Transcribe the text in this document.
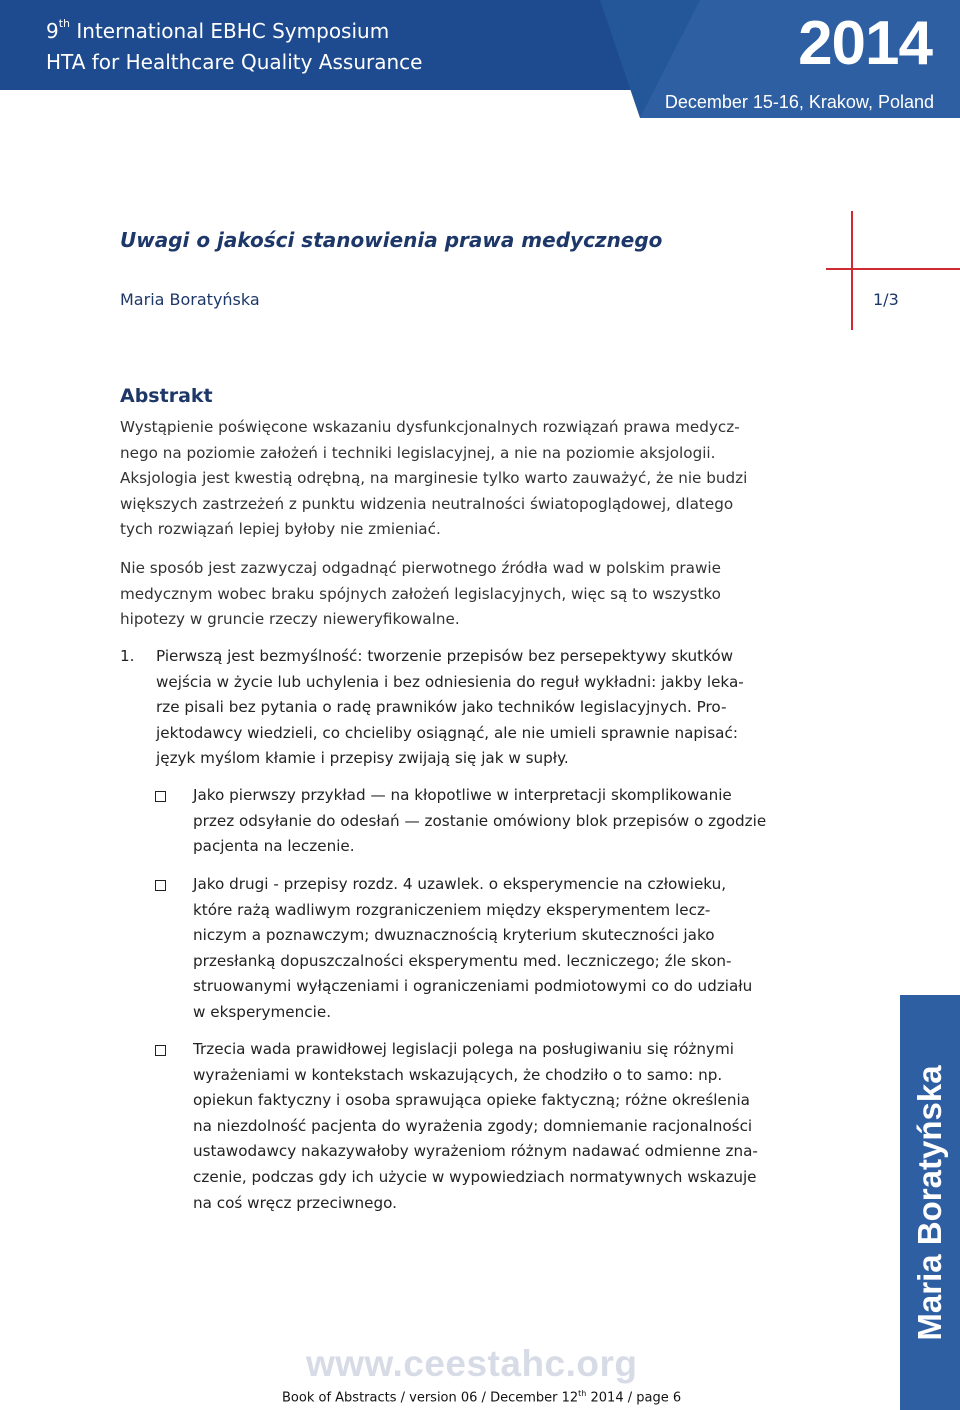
9th International EBHC Symposium
HTA for Healthcare Quality Assurance	2014
December 15-16, Krakow, Poland
Uwagi o jakości stanowienia prawa medycznego
Maria Boratyńska	1/3
Abstrakt
Wystąpienie poświęcone wskazaniu dysfunkcjonalnych rozwiązań prawa medycz-
nego na poziomie założeń i techniki legislacyjnej, a nie na poziomie aksjologii.
Aksjologia jest kwestią odrębną, na marginesie tylko warto zauważyć, że nie budzi
większych zastrzeżeń z punktu widzenia neutralności światopoglądowej, dlatego
tych rozwiązań lepiej byłoby nie zmieniać.
Nie sposób jest zazwyczaj odgadnąć pierwotnego źródła wad w polskim prawie
medycznym wobec braku spójnych założeń legislacyjnych, więc są to wszystko
hipotezy w gruncie rzeczy nieweryfikowalne.
1. Pierwszą jest bezmyślność: tworzenie przepisów bez persepektywy skutków
wejścia w życie lub uchylenia i bez odniesienia do reguł wykładni: jakby leka-
rze pisali bez pytania o radę prawników jako techników legislacyjnych. Pro-
jektodawcy wiedzieli, co chcieliby osiągnąć, ale nie umieli sprawnie napisać:
język myślom kłamie i przepisy zwijają się jak w supły.
Jako pierwszy przykład — na kłopotliwe w interpretacji skomplikowanie
przez odsyłanie do odesłań — zostanie omówiony blok przepisów o zgodzie
pacjenta na leczenie.
Jako drugi - przepisy rozdz. 4 uzawlek. o eksperymencie na człowieku,
które rażą wadliwym rozgraniczeniem między eksperymentem lecz-
niczym a poznawczym; dwuznacznością kryterium skuteczności jako
przesłanką dopuszczalności eksperymentu med. leczniczego; źle skon-
struowanymi wyłączeniami i ograniczeniami podmiotowymi co do udziału
w eksperymencie.
Trzecia wada prawidłowej legislacji polega na posługiwaniu się różnymi
wyrażeniami w kontekstach wskazujących, że chodziło o to samo: np.
opiekun faktyczny i osoba sprawująca opieke faktyczną; różne określenia
na niezdolność pacjenta do wyrażenia zgody; domniemanie racjonalności
ustawodawcy nakazywałoby wyrażeniom różnym nadawać odmienne zna-
czenie, podczas gdy ich użycie w wypowiedziach normatywnych wskazuje
na coś wręcz przeciwnego.	Maria Boratyńska
www.ceestahc.org
Book of Abstracts / version 06 / December 12th 2014 / page 6
